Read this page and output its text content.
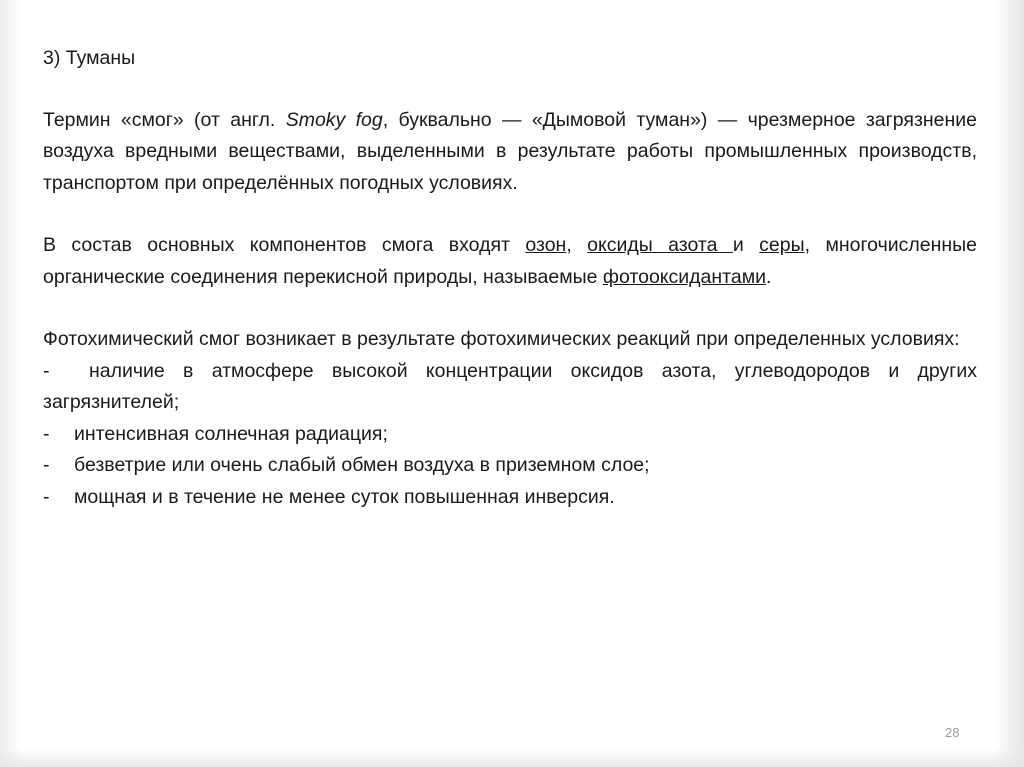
3) Туманы

Термин «смог» (от англ. Smoky fog, буквально — «Дымовой туман») — чрезмерное загрязнение воздуха вредными веществами, выделенными в результате работы промышленных производств, транспортом при определённых погодных условиях.

В состав основных компонентов смога входят озон, оксиды азота и серы, многочисленные органические соединения перекисной природы, называемые фотооксидантами.

Фотохимический смог возникает в результате фотохимических реакций при определенных условиях:
- наличие в атмосфере высокой концентрации оксидов азота, углеводородов и других загрязнителей;
- интенсивная солнечная радиация;
- безветрие или очень слабый обмен воздуха в приземном слое;
- мощная и в течение не менее суток повышенная инверсия.
28
